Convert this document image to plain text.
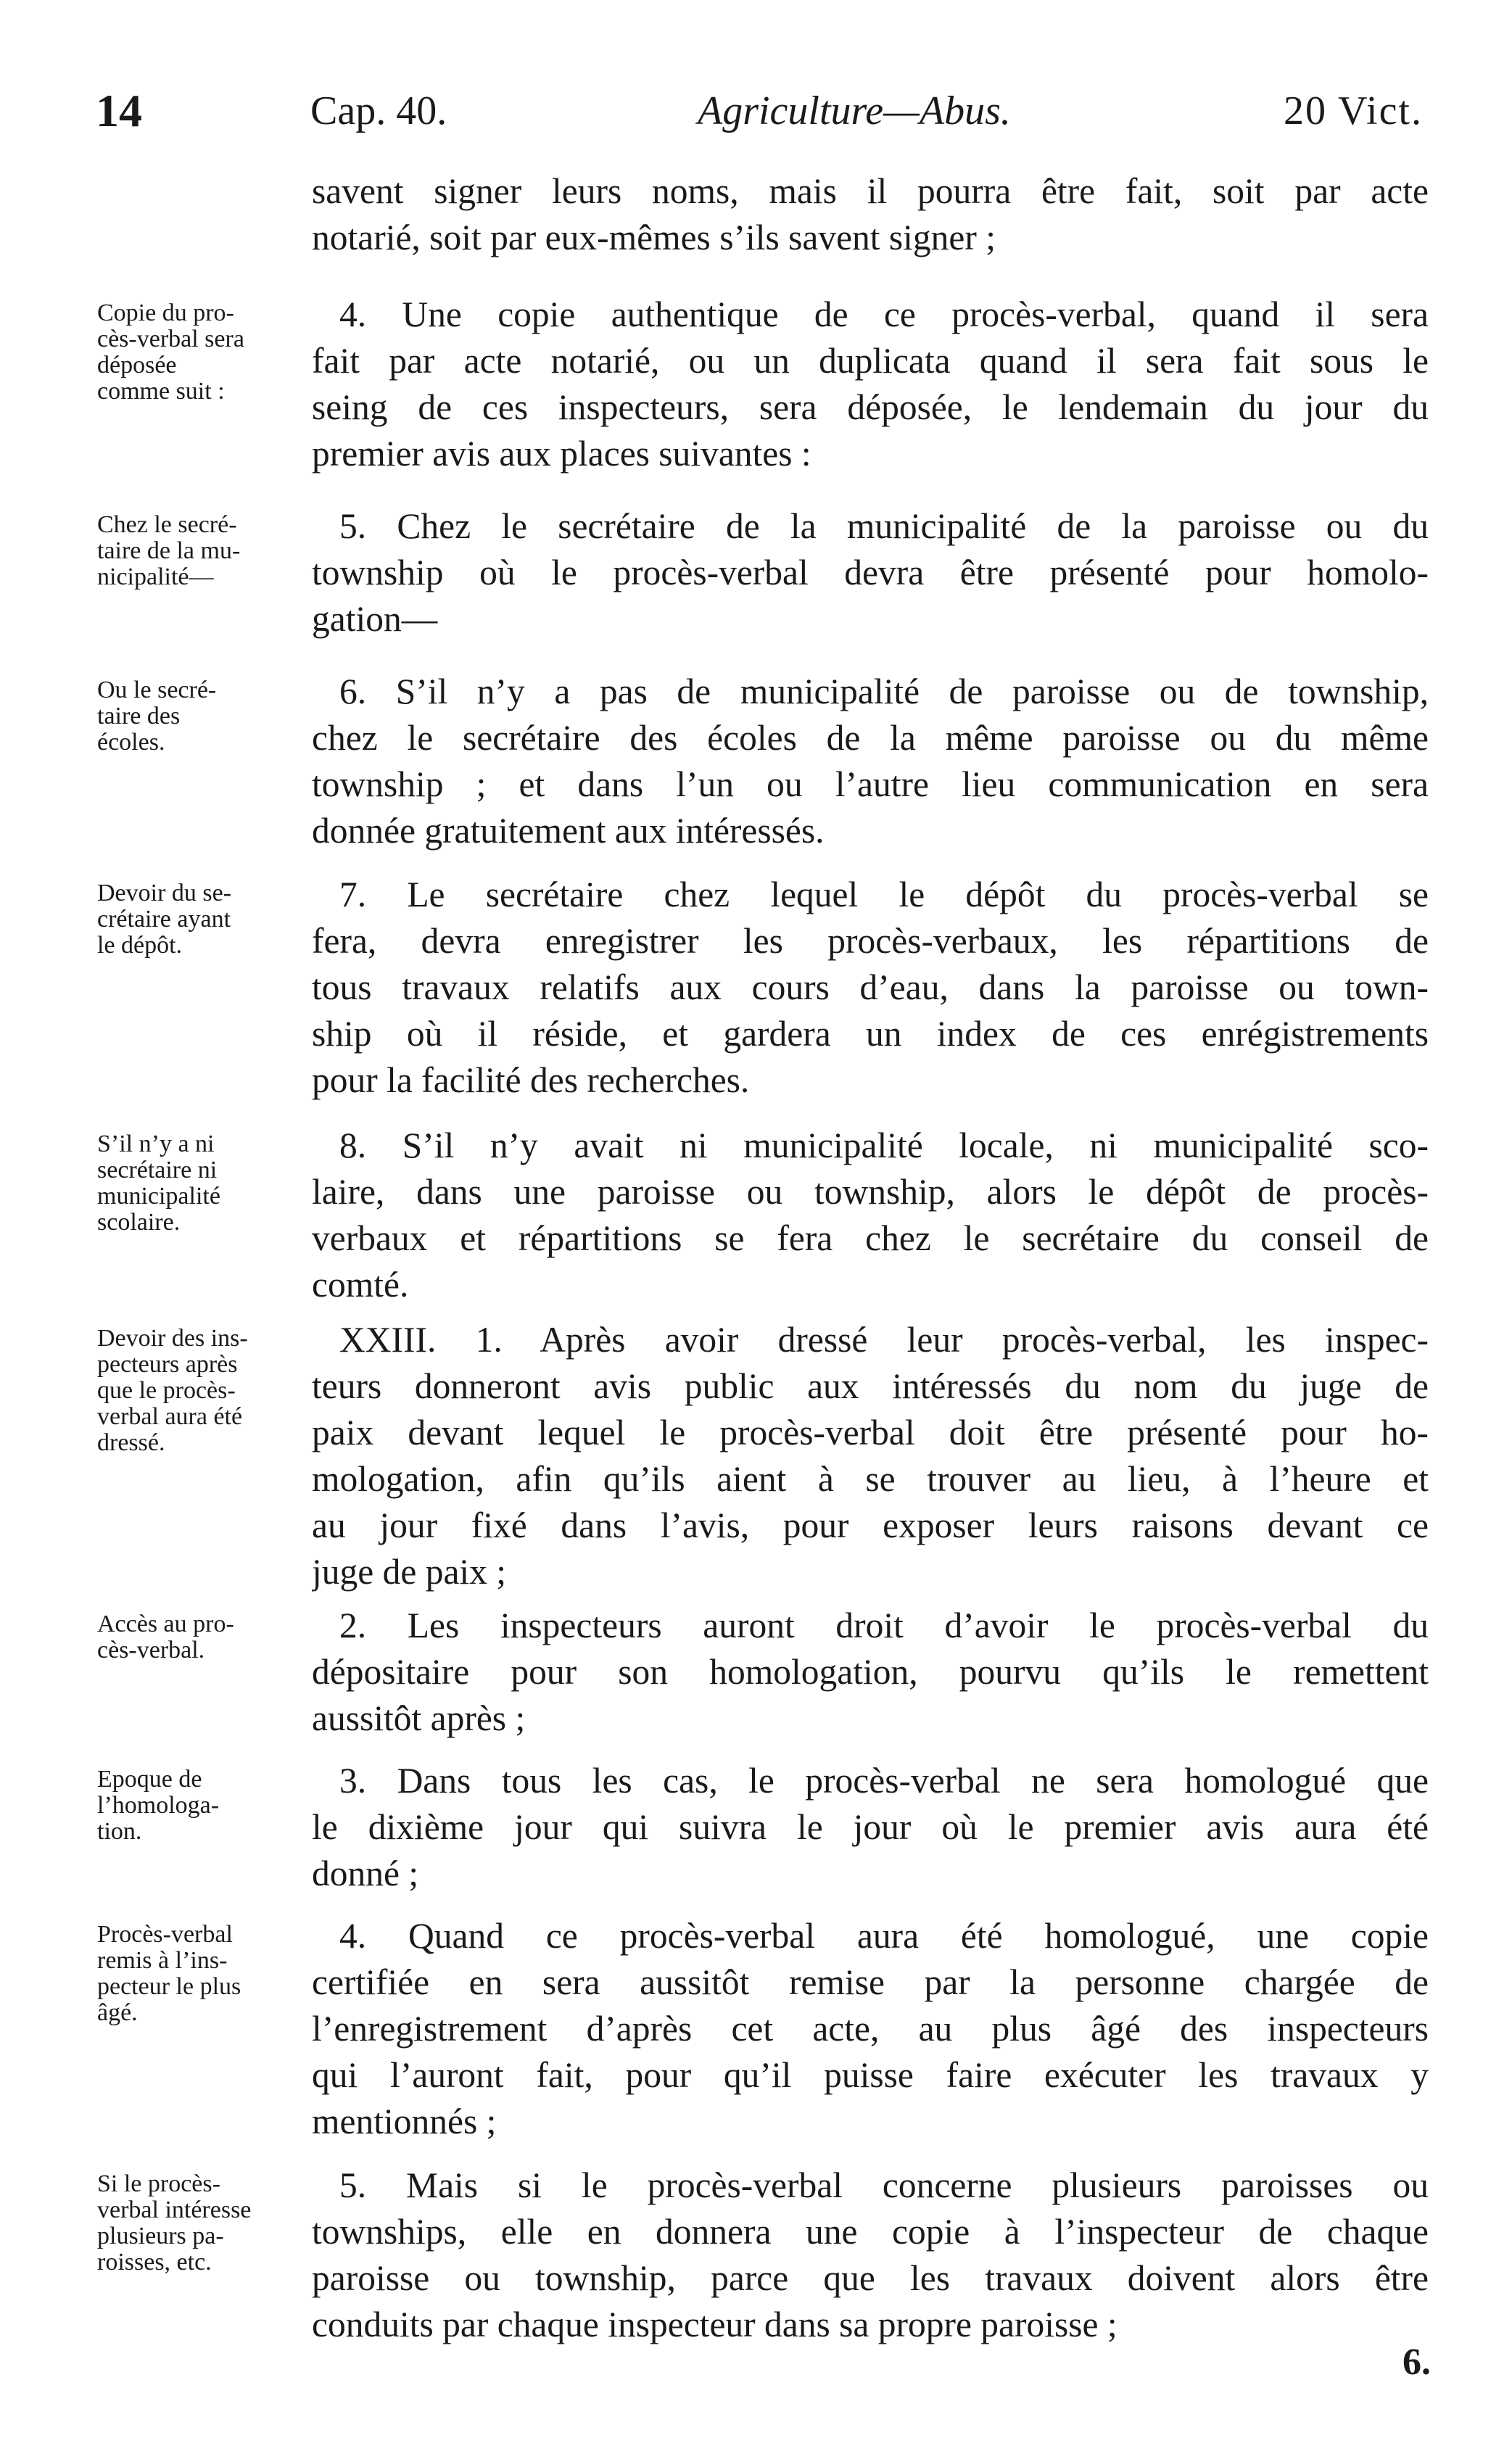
14	Cap. 40.	Agriculture—Abus.	20 Vict.
savent signer leurs noms, mais il pourra être fait, soit par acte
notarié, soit par eux-mêmes s’ils savent signer ;
Copie du pro-
cès-verbal sera
déposée
comme suit :
4. Une copie authentique de ce procès-verbal, quand il sera
fait par acte notarié, ou un duplicata quand il sera fait sous le
seing de ces inspecteurs, sera déposée, le lendemain du jour du
premier avis aux places suivantes :
Chez le secré-
taire de la mu-
nicipalité—
5. Chez le secrétaire de la municipalité de la paroisse ou du
township où le procès-verbal devra être présenté pour homolo-
gation—
Ou le secré-
taire des
écoles.
6. S’il n’y a pas de municipalité de paroisse ou de township,
chez le secrétaire des écoles de la même paroisse ou du même
township ; et dans l’un ou l’autre lieu communication en sera
donnée gratuitement aux intéressés.
Devoir du se-
crétaire ayant
le dépôt.
7. Le secrétaire chez lequel le dépôt du procès-verbal se
fera, devra enregistrer les procès-verbaux, les répartitions de
tous travaux relatifs aux cours d’eau, dans la paroisse ou town-
ship où il réside, et gardera un index de ces enrégistrements
pour la facilité des recherches.
S’il n’y a ni
secrétaire ni
municipalité
scolaire.
8. S’il n’y avait ni municipalité locale, ni municipalité sco-
laire, dans une paroisse ou township, alors le dépôt de procès-
verbaux et répartitions se fera chez le secrétaire du conseil de
comté.
Devoir des ins-
pecteurs après
que le procès-
verbal aura été
dressé.
XXIII. 1. Après avoir dressé leur procès-verbal, les inspec-
teurs donneront avis public aux intéressés du nom du juge de
paix devant lequel le procès-verbal doit être présenté pour ho-
mologation, afin qu’ils aient à se trouver au lieu, à l’heure et
au jour fixé dans l’avis, pour exposer leurs raisons devant ce
juge de paix ;
Accès au pro-
cès-verbal.
2. Les inspecteurs auront droit d’avoir le procès-verbal du
dépositaire pour son homologation, pourvu qu’ils le remettent
aussitôt après ;
Epoque de
l’homologa-
tion.
3. Dans tous les cas, le procès-verbal ne sera homologué que
le dixième jour qui suivra le jour où le premier avis aura été
donné ;
Procès-verbal
remis à l’ins-
pecteur le plus
âgé.
4. Quand ce procès-verbal aura été homologué, une copie
certifiée en sera aussitôt remise par la personne chargée de
l’enregistrement d’après cet acte, au plus âgé des inspecteurs
qui l’auront fait, pour qu’il puisse faire exécuter les travaux y
mentionnés ;
Si le procès-
verbal intéresse
plusieurs pa-
roisses, etc.
5. Mais si le procès-verbal concerne plusieurs paroisses ou
townships, elle en donnera une copie à l’inspecteur de chaque
paroisse ou township, parce que les travaux doivent alors être
conduits par chaque inspecteur dans sa propre paroisse ;
6.
